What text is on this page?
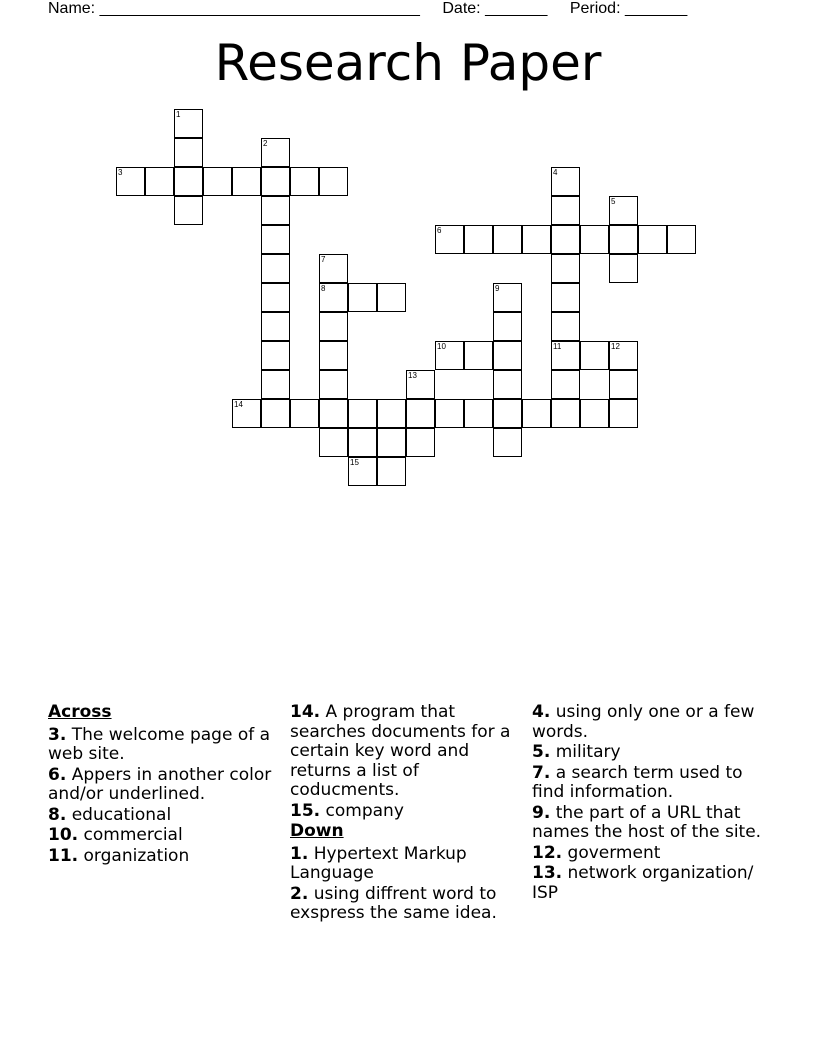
Name: ____________________________________ Date: _______ Period: _______
Research Paper
1
2
3	4
5
6
7
8	9
10	11	12
13
14
15
Across
3. The welcome page of a web site.
6. Appers in another color and/or underlined.
8. educational
10. commercial
11. organization
14. A program that searches documents for a certain key word and returns a list of coducments.
15. company
Down
1. Hypertext Markup Language
2. using diffrent word to exspress the same idea.
4. using only one or a few words.
5. military
7. a search term used to find information.
9. the part of a URL that names the host of the site.
12. goverment
13. network organization/ ISP
